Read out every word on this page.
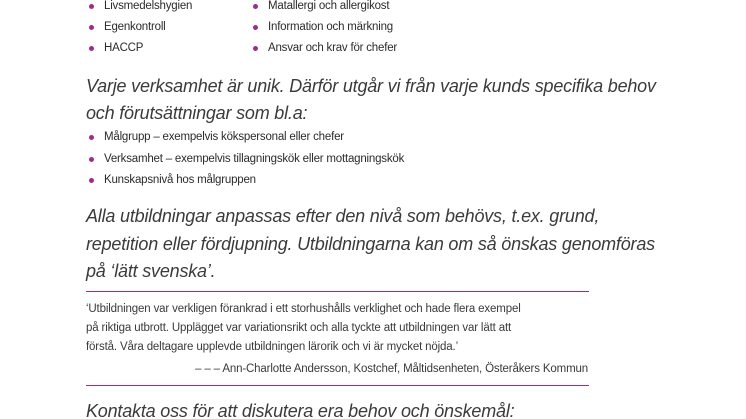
Livsmedelshygien
Egenkontroll
HACCP
Matallergi och allergikost
Information och märkning
Ansvar och krav för chefer

Varje verksamhet är unik. Därför utgår vi från varje kunds specifika behov
och förutsättningar som bl.a:

Målgrupp – exempelvis kökspersonal eller chefer
Verksamhet – exempelvis tillagningskök eller mottagningskök
Kunskapsnivå hos målgruppen

Alla utbildningar anpassas efter den nivå som behövs, t.ex. grund,
repetition eller fördjupning. Utbildningarna kan om så önskas genomföras
på ‘lätt svenska’.

‘Utbildningen var verkligen förankrad i ett storhushålls verklighet och hade flera exempel
på riktiga utbrott. Upplägget var variationsrikt och alla tyckte att utbildningen var lätt att
förstå. Våra deltagare upplevde utbildningen lärorik och vi är mycket nöjda.’

– – – Ann-Charlotte Andersson, Kostchef, Måltidsenheten, Österåkers Kommun

Kontakta oss för att diskutera era behov och önskemål:
